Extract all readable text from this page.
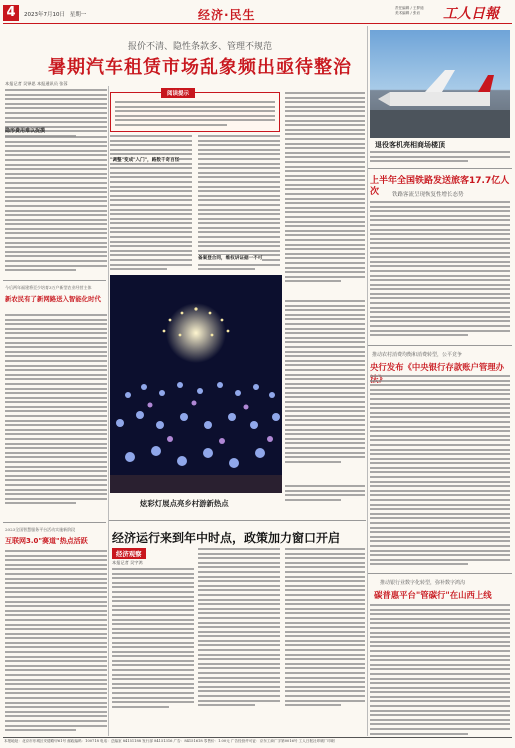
4	2023年7月10日 星期一	经济·民生	责任编辑 / 王梦迪
美术编辑 / 张岩 工人日報
报价不清、隐性条款多、管理不规范
暑期汽车租赁市场乱象频出亟待整治
本报记者 吴铎思 本报通讯员 张蓉
隐形费用难以捉摸
阅读提示
"调整"变成"入门"，路数千奇百怪
备案登合同，维权讲证据一不可
退役客机亮相商场楼顶
上半年全国铁路发送旅客17.7亿人次	铁路客流呈现恢复性增长态势
推动农村消费均衡和消费转型，公平竞争
央行发布《中央银行存款账户管理办
推动银行业数字化转型，弥补数字鸿沟
碳普惠平台"管碳行"在山西上线
今后两年福建将至少培育3万户新型农业经营主体
新农民有了新网路送入智能化时代
2023全国智慧服务平台活动实施新阶段
互联网3.0"赛道"热点活跃
炫彩灯展点亮乡村游新热点
经济运行来到年中时点，政策加力窗口开启
经济观察
本报记者 吴宇鸿
本报地址：北京市东城区安德路甲61号 邮政编码：100718 电话：总编室 84151188 发行部 84151316 广告：84151618 零售价：1.00元 广告经营许可证：京东工商广字第0016号 工人日报社印刷厂印刷
